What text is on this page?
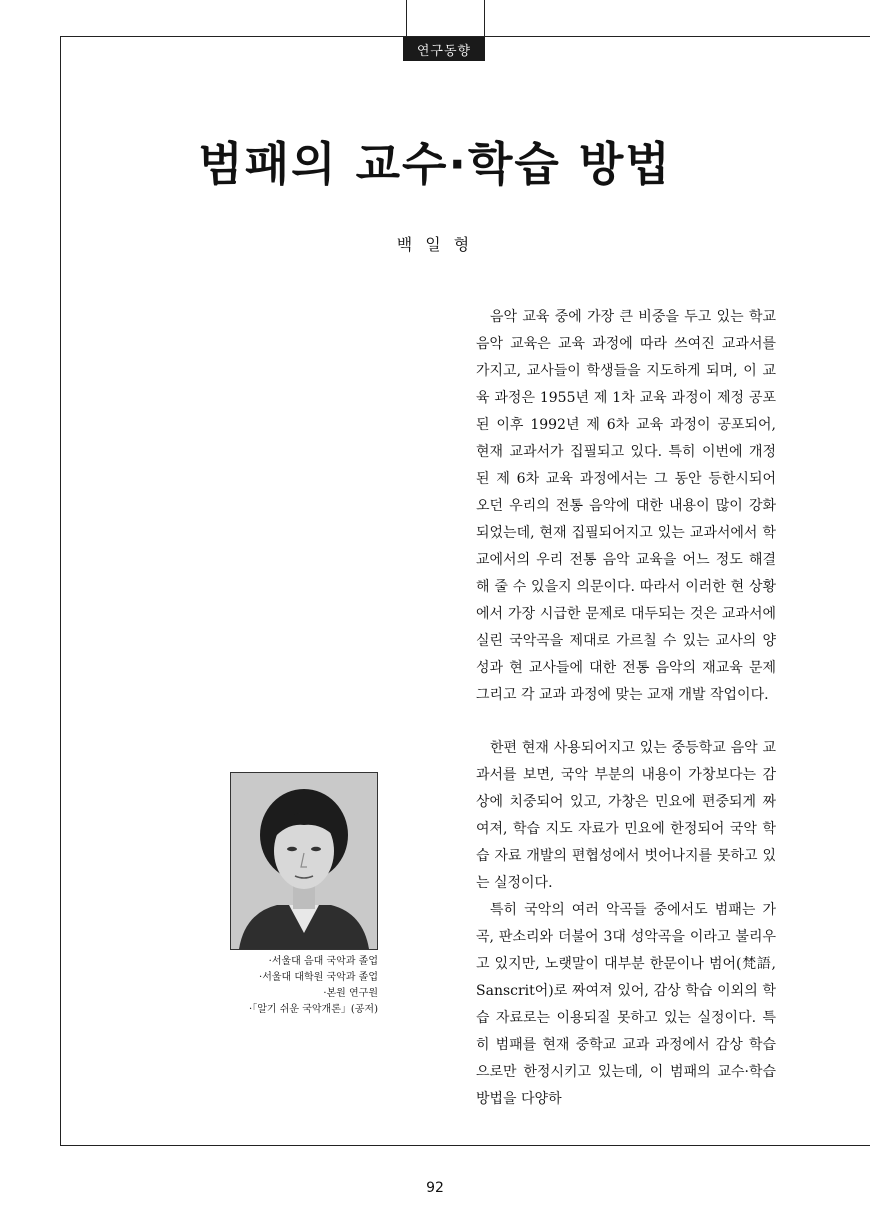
연구동향
범패의 교수·학습 방법
백 일 형

음악 교육 중에 가장 큰 비중을 두고 있는 학교 음악 교육은 교육 과정에 따라 쓰여진 교과서를 가지고, 교사들이 학생들을 지도하게 되며, 이 교육 과정은 1955년 제 1차 교육 과정이 제정 공포된 이후 1992년 제 6차 교육 과정이 공포되어, 현재 교과서가 집필되고 있다. 특히 이번에 개정된 제 6차 교육 과정에서는 그 동안 등한시되어 오던 우리의 전통 음악에 대한 내용이 많이 강화되었는데, 현재 집필되어지고 있는 교과서에서 학교에서의 우리 전통 음악 교육을 어느 정도 해결해 줄 수 있을지 의문이다. 따라서 이러한 현 상황에서 가장 시급한 문제로 대두되는 것은 교과서에 실린 국악곡을 제대로 가르칠 수 있는 교사의 양성과 현 교사들에 대한 전통 음악의 재교육 문제 그리고 각 교과 과정에 맞는 교재 개발 작업이다.

한편 현재 사용되어지고 있는 중등학교 음악 교과서를 보면, 국악 부분의 내용이 가창보다는 감상에 치중되어 있고, 가창은 민요에 편중되게 짜여져, 학습 지도 자료가 민요에 한정되어 국악 학습 자료 개발의 편협성에서 벗어나지를 못하고 있는 실정이다.

특히 국악의 여러 악곡들 중에서도 범패는 가곡, 판소리와 더불어 3대 성악곡을 이라고 불리우고 있지만, 노랫말이 대부분 한문이나 범어(梵語, Sanscrit어)로 짜여져 있어, 감상 학습 이외의 학습 자료로는 이용되질 못하고 있는 실정이다. 특히 범패를 현재 중학교 교과 과정에서 감상 학습으로만 한정시키고 있는데, 이 범패의 교수·학습 방법을 다양하

·서울대 음대 국악과 졸업
·서울대 대학원 국악과 졸업
·본원 연구원
·「알기 쉬운 국악개론」(공저)
92
